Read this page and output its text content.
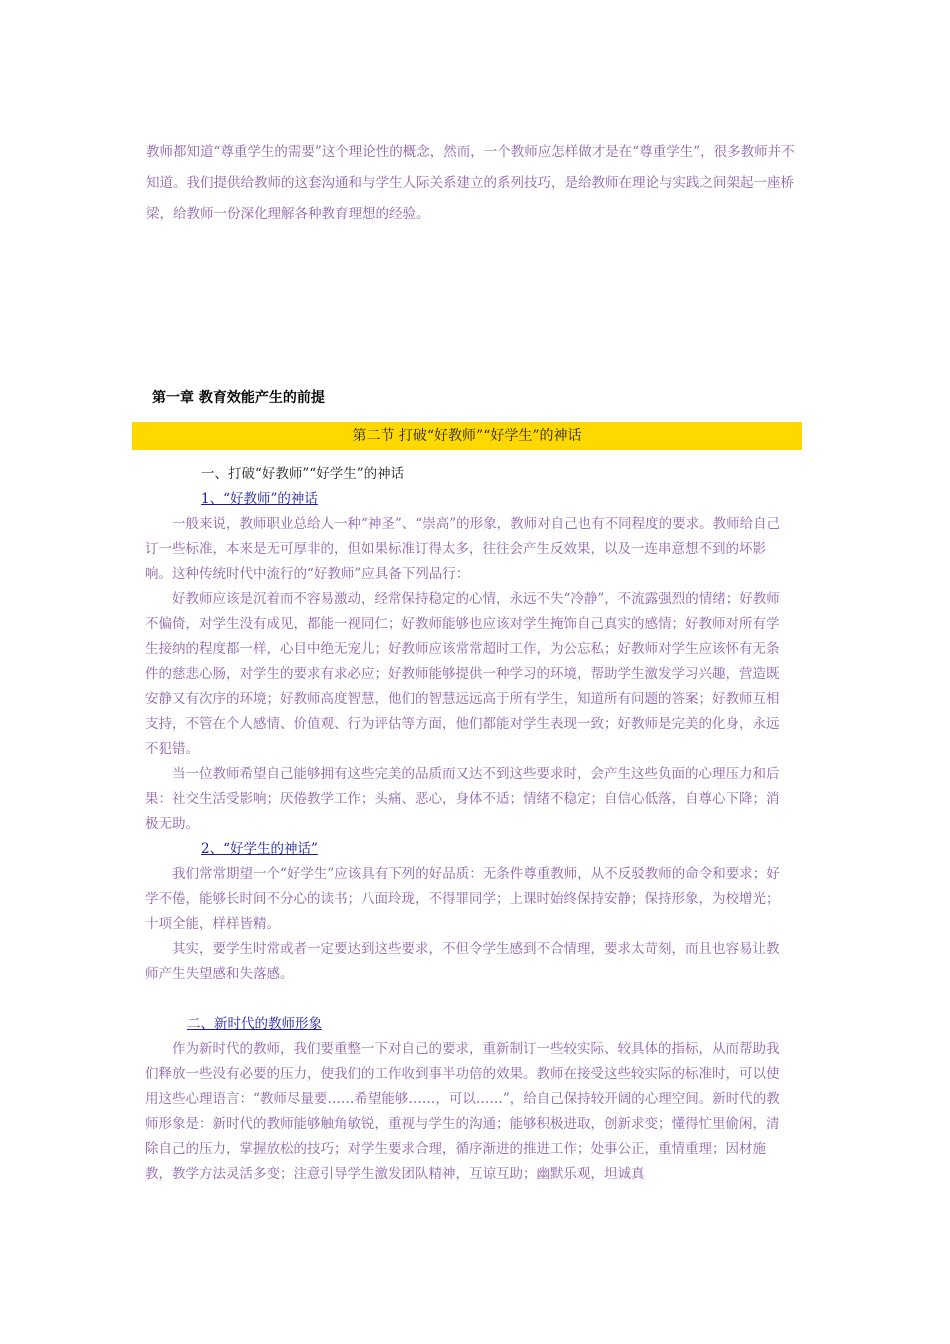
教师都知道“尊重学生的需要”这个理论性的概念，然而，一个教师应怎样做才是在“尊重学生”，很多教师并不知道。我们提供给教师的这套沟通和与学生人际关系建立的系列技巧，是给教师在理论与实践之间架起一座桥梁，给教师一份深化理解各种教育理想的经验。

第一章 教育效能产生的前提
第二节 打破“好教师”“好学生”的神话
一、打破“好教师”“好学生”的神话
1、“好教师”的神话

一般来说，教师职业总给人一种“神圣”、“崇高”的形象，教师对自己也有不同程度的要求。教师给自己订一些标准，本来是无可厚非的，但如果标准订得太多，往往会产生反效果，以及一连串意想不到的坏影响。这种传统时代中流行的“好教师”应具备下列品行：

好教师应该是沉着而不容易激动，经常保持稳定的心情，永远不失“冷静”，不流露强烈的情绪；好教师不偏倚，对学生没有成见，都能一视同仁；好教师能够也应该对学生掩饰自己真实的感情；好教师对所有学生接纳的程度都一样，心目中绝无宠儿；好教师应该常常超时工作，为公忘私；好教师对学生应该怀有无条件的慈悲心肠，对学生的要求有求必应；好教师能够提供一种学习的环境，帮助学生激发学习兴趣，营造既安静又有次序的环境；好教师高度智慧，他们的智慧远远高于所有学生，知道所有问题的答案；好教师互相支持，不管在个人感情、价值观、行为评估等方面，他们都能对学生表现一致；好教师是完美的化身，永远不犯错。

当一位教师希望自己能够拥有这些完美的品质而又达不到这些要求时，会产生这些负面的心理压力和后果：社交生活受影响；厌倦教学工作；头痛、恶心，身体不适；情绪不稳定；自信心低落，自尊心下降；消极无助。

2、“好学生的神话”

我们常常期望一个“好学生”应该具有下列的好品质：无条件尊重教师，从不反驳教师的命令和要求；好学不倦，能够长时间不分心的读书；八面玲珑，不得罪同学；上课时始终保持安静；保持形象，为校增光；十项全能，样样皆精。

其实，要学生时常或者一定要达到这些要求，不但令学生感到不合情理，要求太苛刻，而且也容易让教师产生失望感和失落感。

二、新时代的教师形象

作为新时代的教师，我们要重整一下对自己的要求，重新制订一些较实际、较具体的指标，从而帮助我们释放一些没有必要的压力，使我们的工作收到事半功倍的效果。教师在接受这些较实际的标准时，可以使用这些心理语言：“教师尽量要……希望能够……，可以……”，给自己保持较开阔的心理空间。新时代的教师形象是：新时代的教师能够触角敏锐，重视与学生的沟通；能够积极进取，创新求变；懂得忙里偷闲，清除自己的压力，掌握放松的技巧；对学生要求合理，循序渐进的推进工作；处事公正，重情重理；因材施教，教学方法灵活多变；注意引导学生激发团队精神，互谅互助；幽默乐观，坦诚真
